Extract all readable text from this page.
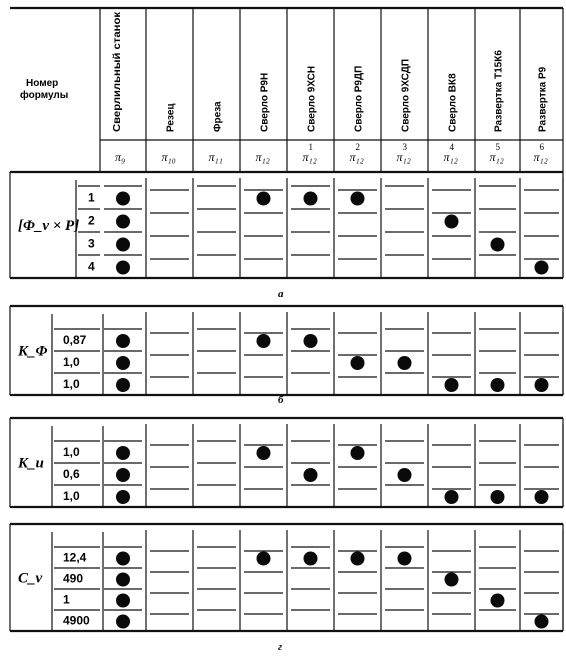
Номер
формулы	Сверлильный станок
π₉
Резец
π₁₀
Фреза
π₁₁
Сверло Р9Н
π₁₂
Сверло 9ХСН
π₁₂
1
Сверло Р9ДП
π₁₂
2
Сверло 9ХСДП
π₁₂
3
Сверло ВК8
π₁₂
4
Развертка Т15К6
π₁₂
5
Развертка Р9
π₁₂
6
[Φ_v × P]
1
2
3
4
а
K_Φ
0,87
1,0
1,0
б
K_и
1,0
0,6
1,0
C_v
12,4
490
1
4900
г
